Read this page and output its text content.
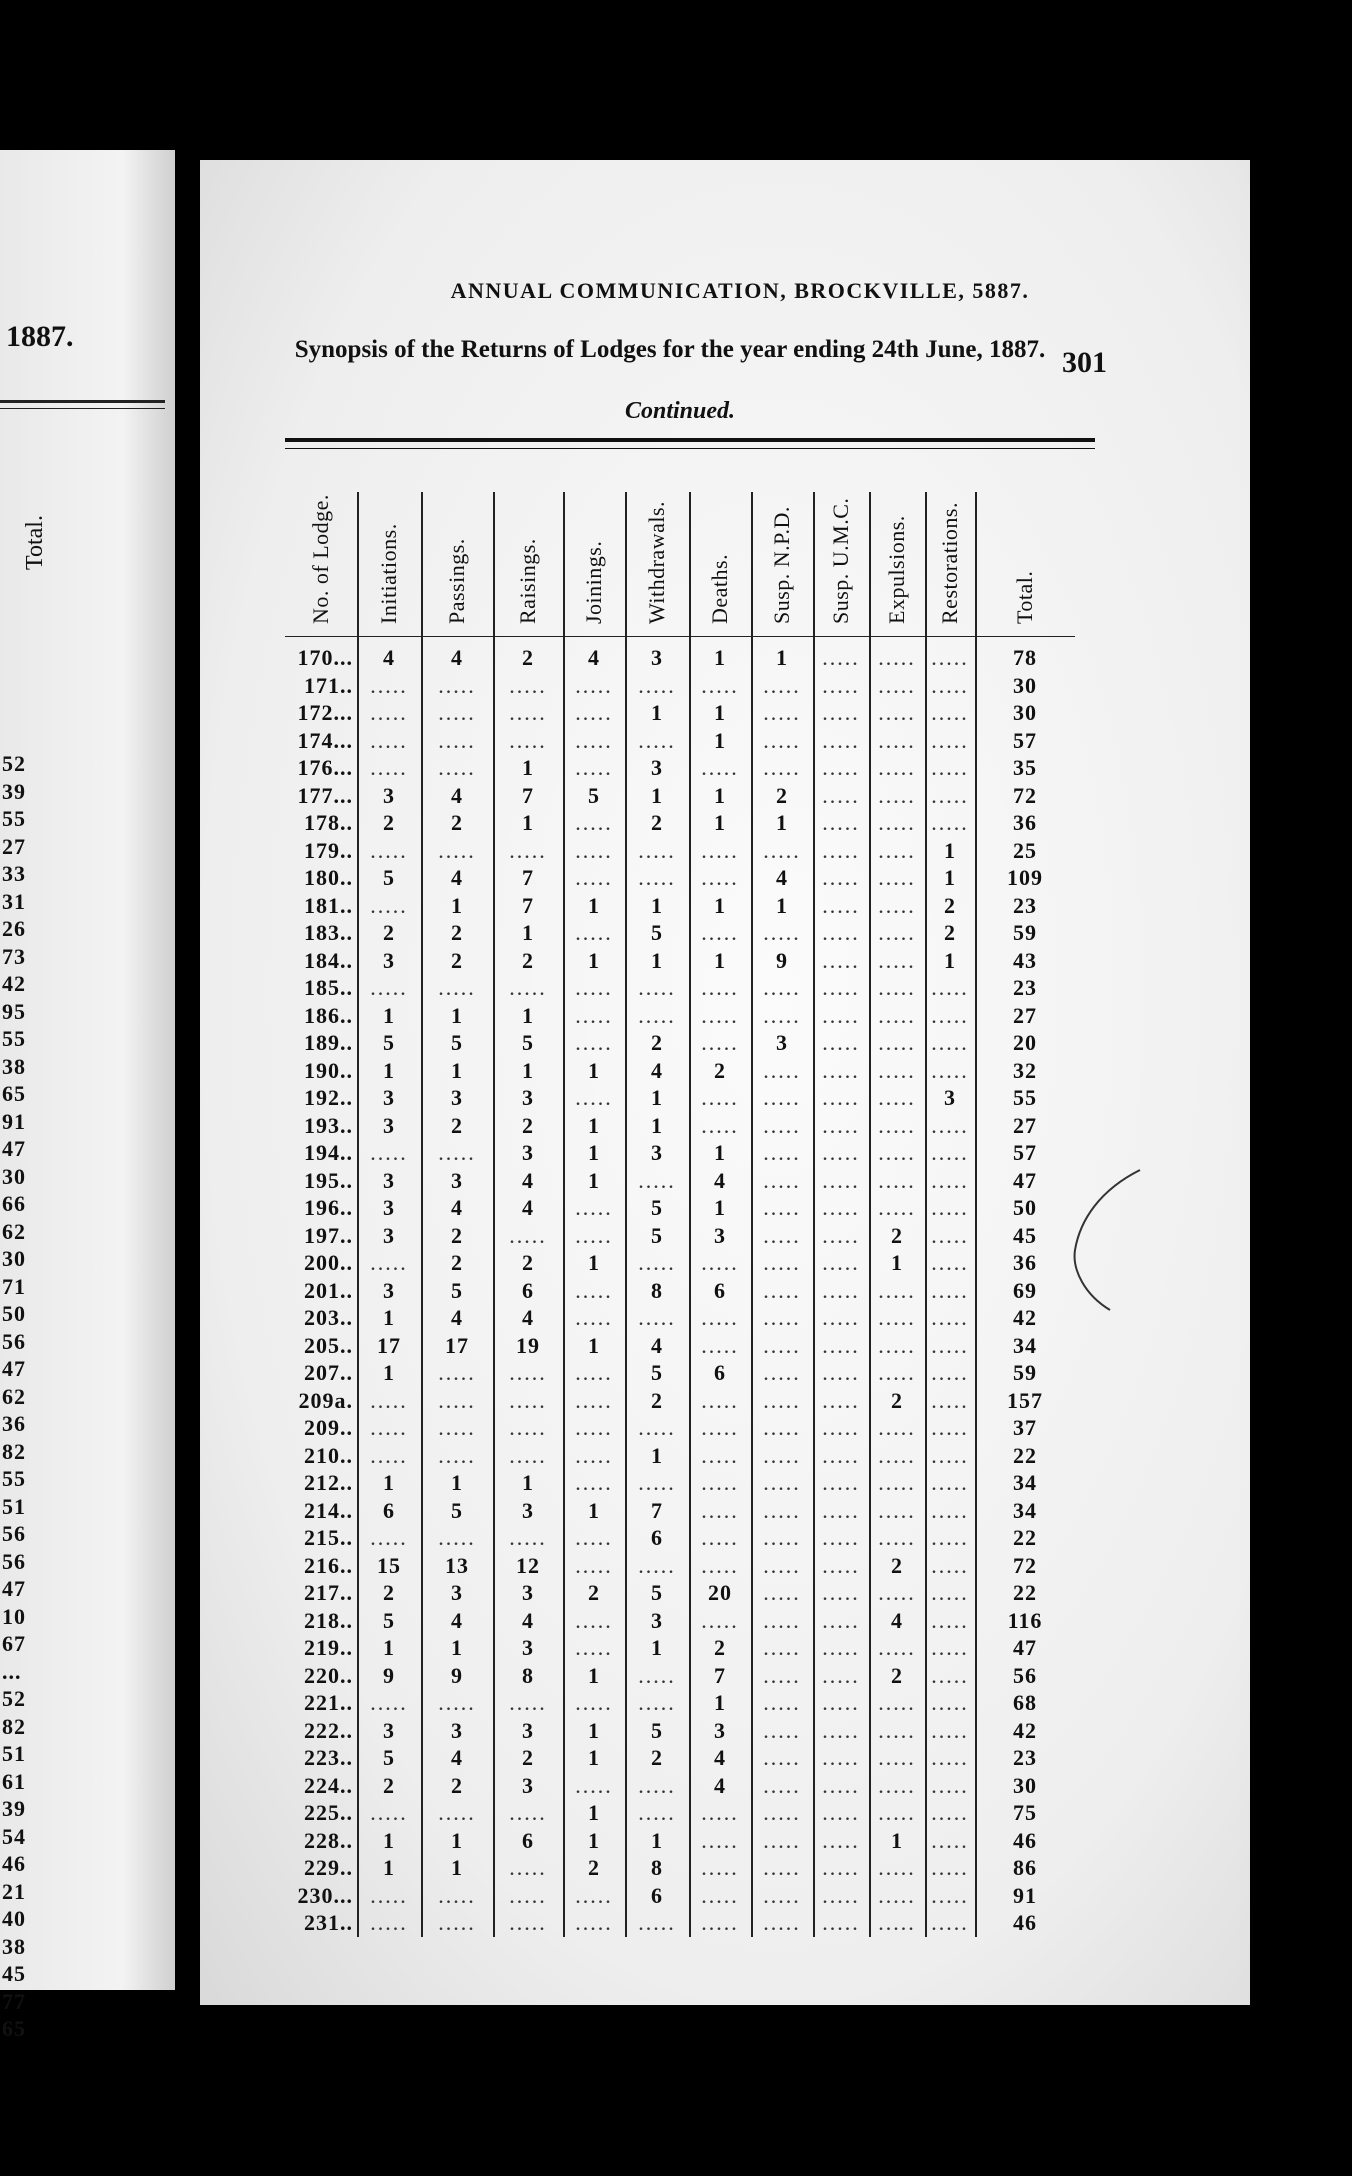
1887.
Total.
52
39
55
27
33
31
26
73
42
95
55
38
65
91
47
30
66
62
30
71
50
56
47
62
36
82
55
51
56
56
47
10
67
...
52
82
51
61
39
54
46
21
40
38
45
77
65
ANNUAL COMMUNICATION, BROCKVILLE, 5887.
301
Synopsis of the Returns of Lodges for the year ending 24th June, 1887.
Continued.
No. of Lodge.
170...
171..
172...
174...
176...
177...
178..
179..
180..
181..
183..
184..
185..
186..
189..
190..
192..
193..
194..
195..
196..
197..
200..
201..
203..
205..
207..
209a.
209..
210..
212..
214..
215..
216..
217..
218..
219..
220..
221..
222..
223..
224..
225..
228..
229..
230...
231..
Initiations.
4
.....
.....
.....
.....
3
2
.....
5
.....
2
3
.....
1
5
1
3
3
.....
3
3
3
.....
3
1
17
1
.....
.....
.....
1
6
.....
15
2
5
1
9
.....
3
5
2
.....
1
1
.....
.....
Passings.
4
.....
.....
.....
.....
4
2
.....
4
1
2
2
.....
1
5
1
3
2
.....
3
4
2
2
5
4
17
.....
.....
.....
.....
1
5
.....
13
3
4
1
9
.....
3
4
2
.....
1
1
.....
.....
Raisings.
2
.....
.....
.....
1
7
1
.....
7
7
1
2
.....
1
5
1
3
2
3
4
4
.....
2
6
4
19
.....
.....
.....
.....
1
3
.....
12
3
4
3
8
.....
3
2
3
.....
6
.....
.....
.....
Joinings.
4
.....
.....
.....
.....
5
.....
.....
.....
1
.....
1
.....
.....
.....
1
.....
1
1
1
.....
.....
1
.....
.....
1
.....
.....
.....
.....
.....
1
.....
.....
2
.....
.....
1
.....
1
1
.....
1
1
2
.....
.....
Withdrawals.
3
.....
1
.....
3
1
2
.....
.....
1
5
1
.....
.....
2
4
1
1
3
.....
5
5
.....
8
.....
4
5
2
.....
1
.....
7
6
.....
5
3
1
.....
.....
5
2
.....
.....
1
8
6
.....
Deaths.
1
.....
1
1
.....
1
1
.....
.....
1
.....
1
.....
.....
.....
2
.....
.....
1
4
1
3
.....
6
.....
.....
6
.....
.....
.....
.....
.....
.....
.....
20
.....
2
7
1
3
4
4
.....
.....
.....
.....
.....
Susp. N.P.D.
1
.....
.....
.....
.....
2
1
.....
4
1
.....
9
.....
.....
3
.....
.....
.....
.....
.....
.....
.....
.....
.....
.....
.....
.....
.....
.....
.....
.....
.....
.....
.....
.....
.....
.....
.....
.....
.....
.....
.....
.....
.....
.....
.....
.....
Susp. U.M.C.
.....
.....
.....
.....
.....
.....
.....
.....
.....
.....
.....
.....
.....
.....
.....
.....
.....
.....
.....
.....
.....
.....
.....
.....
.....
.....
.....
.....
.....
.....
.....
.....
.....
.....
.....
.....
.....
.....
.....
.....
.....
.....
.....
.....
.....
.....
.....
Expulsions.
.....
.....
.....
.....
.....
.....
.....
.....
.....
.....
.....
.....
.....
.....
.....
.....
.....
.....
.....
.....
.....
2
1
.....
.....
.....
.....
2
.....
.....
.....
.....
.....
2
.....
4
.....
2
.....
.....
.....
.....
.....
1
.....
.....
.....
Restorations.
.....
.....
.....
.....
.....
.....
.....
1
1
2
2
1
.....
.....
.....
.....
3
.....
.....
.....
.....
.....
.....
.....
.....
.....
.....
.....
.....
.....
.....
.....
.....
.....
.....
.....
.....
.....
.....
.....
.....
.....
.....
.....
.....
.....
.....
Total.
78
30
30
57
35
72
36
25
109
23
59
43
23
27
20
32
55
27
57
47
50
45
36
69
42
34
59
157
37
22
34
34
22
72
22
116
47
56
68
42
23
30
75
46
86
91
46
